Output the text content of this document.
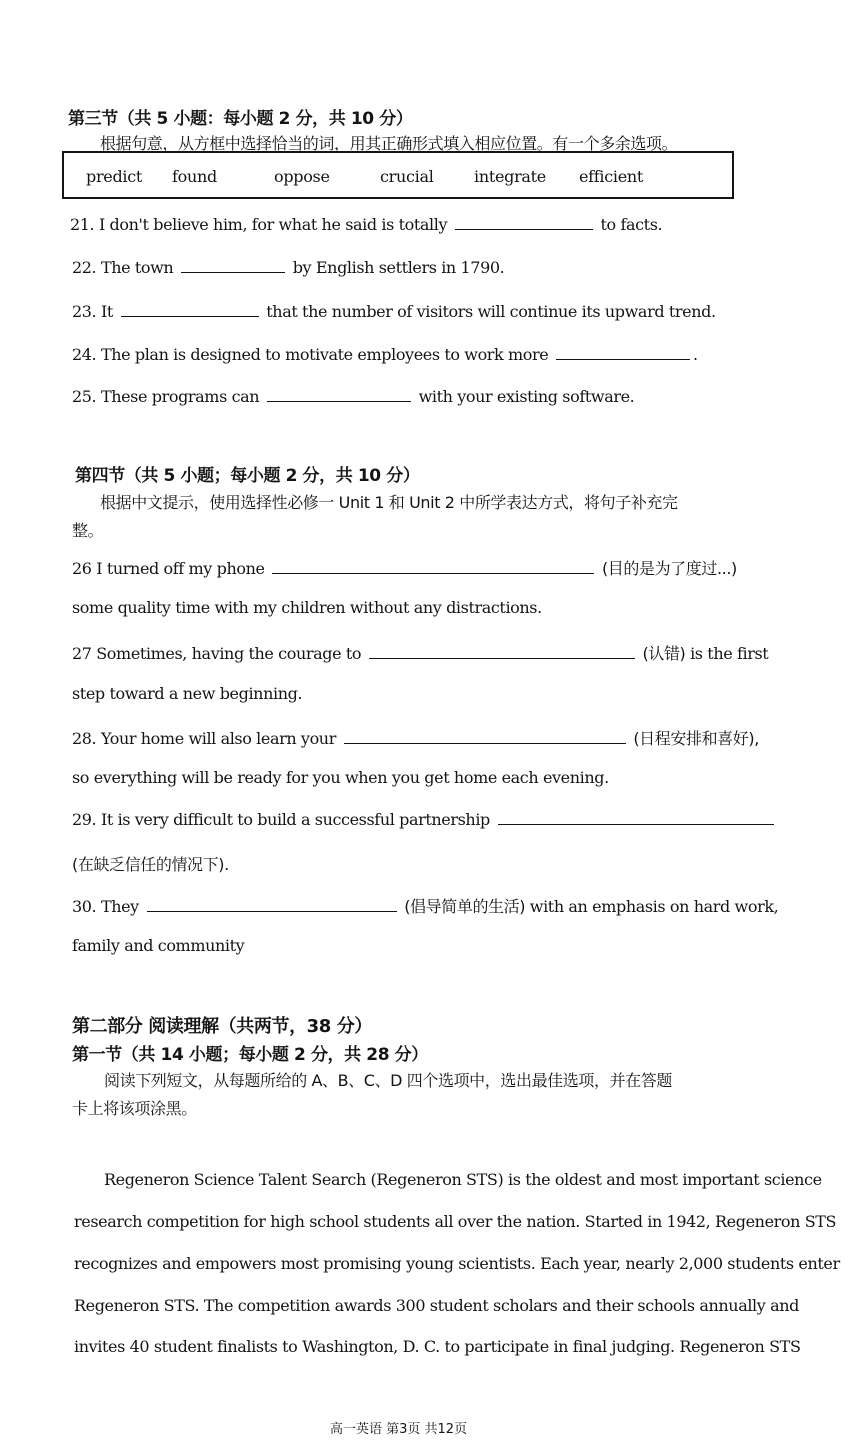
第三节（共 5 小题：每小题 2 分，共 10 分）
根据句意，从方框中选择恰当的词，用其正确形式填入相应位置。有一个多余选项。
predict found	oppose	crucial	integrate efficient
21. I don't believe him, for what he said is totally	to facts.
22. The town	by English settlers in 1790.
23. It	that the number of visitors will continue its upward trend.
24. The plan is designed to motivate employees to work more	.
25. These programs can	with your existing software.
第四节（共 5 小题；每小题 2 分，共 10 分）
根据中文提示，使用选择性必修一 Unit 1 和 Unit 2 中所学表达方式，将句子补充完
整。
26 I turned off my phone	(目的是为了度过...)
some quality time with my children without any distractions.
27 Sometimes, having the courage to	(认错) is the first
step toward a new beginning.
28. Your home will also learn your	(日程安排和喜好),
so everything will be ready for you when you get home each evening.
29. It is very difficult to build a successful partnership
(在缺乏信任的情况下).
30. They	(倡导简单的生活) with an emphasis on hard work,
family and community
第二部分 阅读理解（共两节，38 分）
第一节（共 14 小题；每小题 2 分，共 28 分）
阅读下列短文，从每题所给的 A、B、C、D 四个选项中，选出最佳选项，并在答题
卡上将该项涂黑。
Regeneron Science Talent Search (Regeneron STS) is the oldest and most important science
research competition for high school students all over the nation. Started in 1942, Regeneron STS
recognizes and empowers most promising young scientists. Each year, nearly 2,000 students enter
Regeneron STS. The competition awards 300 student scholars and their schools annually and
invites 40 student finalists to Washington, D. C. to participate in final judging. Regeneron STS
高一英语 第3页 共12页
